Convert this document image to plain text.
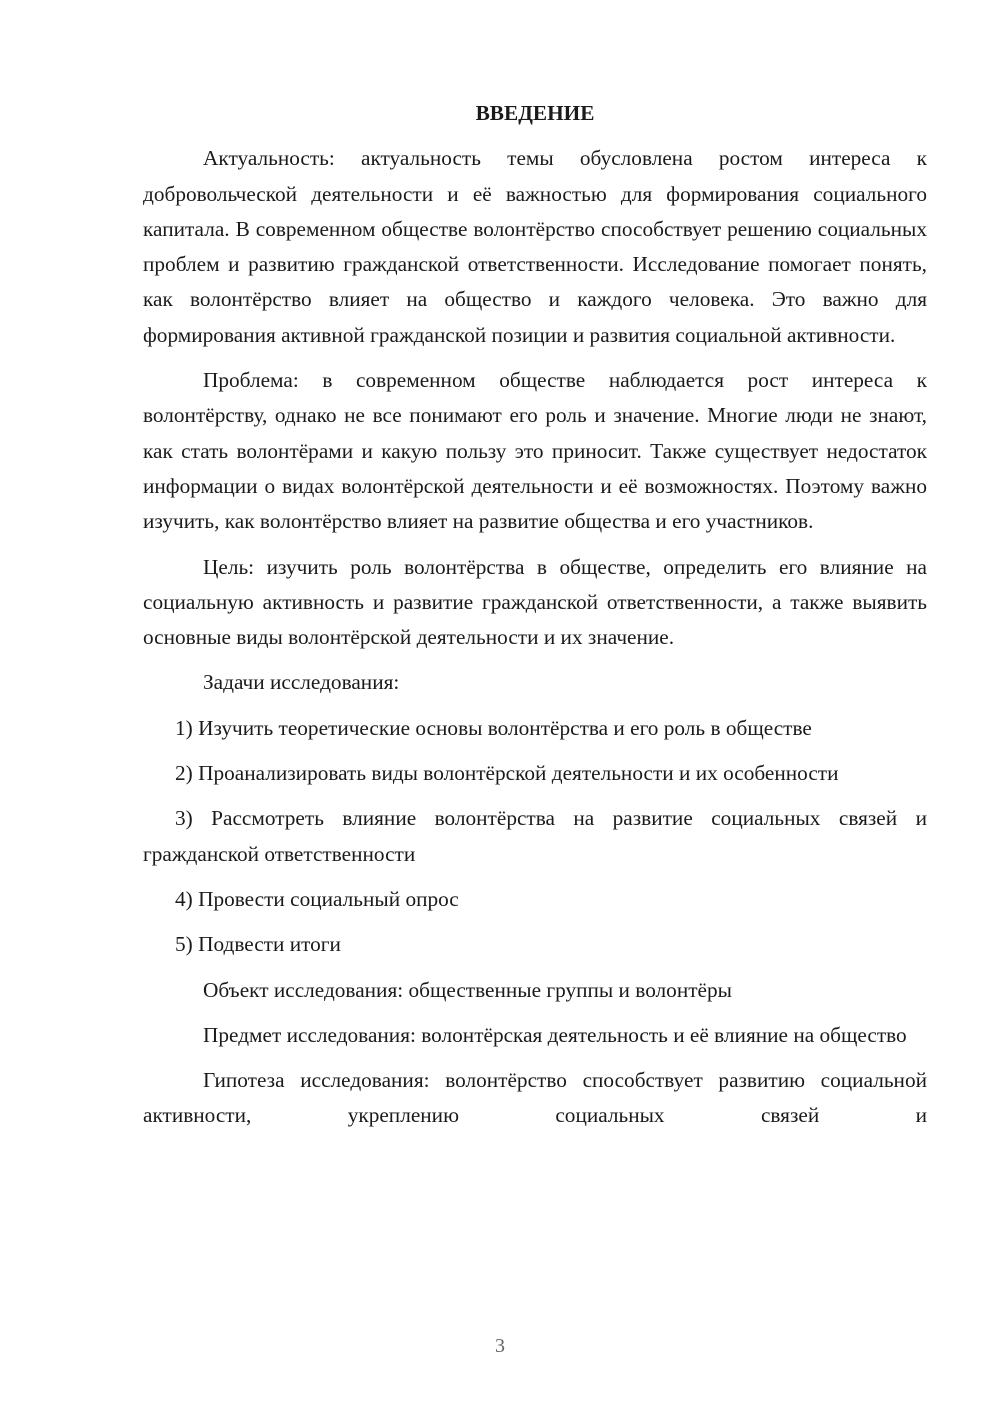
ВВЕДЕНИЕ

Актуальность: актуальность темы обусловлена ростом интереса к добровольческой деятельности и её важностью для формирования социального капитала. В современном обществе волонтёрство способствует решению социальных проблем и развитию гражданской ответственности. Исследование помогает понять, как волонтёрство влияет на общество и каждого человека. Это важно для формирования активной гражданской позиции и развития социальной активности.

Проблема: в современном обществе наблюдается рост интереса к волонтёрству, однако не все понимают его роль и значение. Многие люди не знают, как стать волонтёрами и какую пользу это приносит. Также существует недостаток информации о видах волонтёрской деятельности и её возможностях. Поэтому важно изучить, как волонтёрство влияет на развитие общества и его участников.

Цель: изучить роль волонтёрства в обществе, определить его влияние на социальную активность и развитие гражданской ответственности, а также выявить основные виды волонтёрской деятельности и их значение.

Задачи исследования:

1) Изучить теоретические основы волонтёрства и его роль в обществе

2) Проанализировать виды волонтёрской деятельности и их особенности

3) Рассмотреть влияние волонтёрства на развитие социальных связей и гражданской ответственности

4) Провести социальный опрос

5) Подвести итоги

Объект исследования: общественные группы и волонтёры

Предмет исследования: волонтёрская деятельность и её влияние на общество

Гипотеза исследования: волонтёрство способствует развитию социальной активности, укреплению социальных связей и

3
